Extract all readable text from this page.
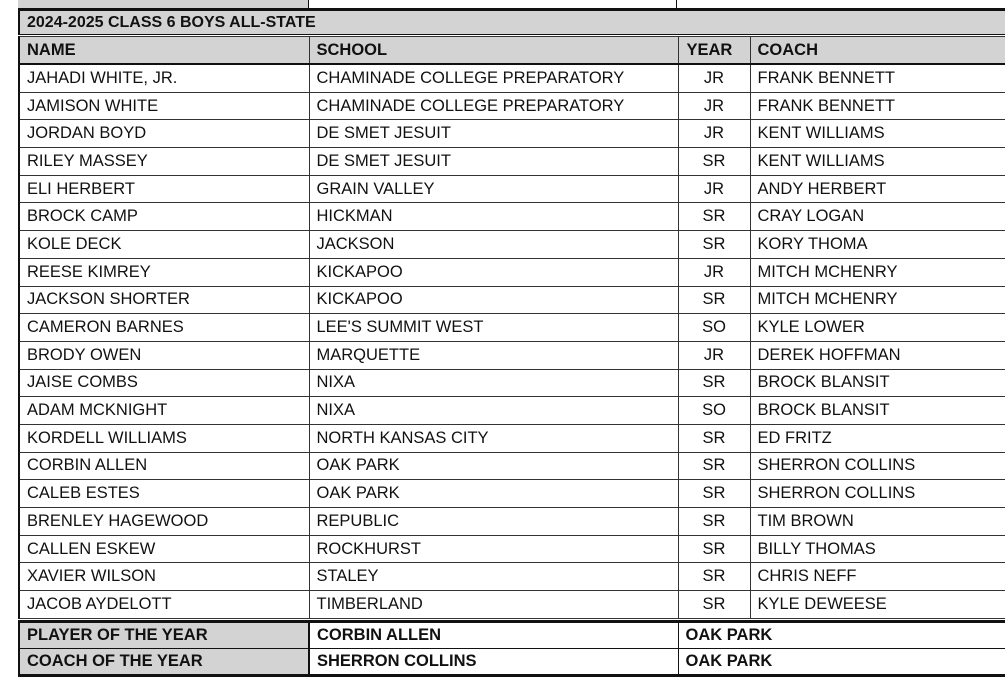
2024-2025 CLASS 6 BOYS ALL-STATE
NAME	SCHOOL	YEAR	COACH
JAHADI WHITE, JR.	CHAMINADE COLLEGE PREPARATORY	JR	FRANK BENNETT
JAMISON WHITE	CHAMINADE COLLEGE PREPARATORY	JR	FRANK BENNETT
JORDAN BOYD	DE SMET JESUIT	JR	KENT WILLIAMS
RILEY MASSEY	DE SMET JESUIT	SR	KENT WILLIAMS
ELI HERBERT	GRAIN VALLEY	JR	ANDY HERBERT
BROCK CAMP	HICKMAN	SR	CRAY LOGAN
KOLE DECK	JACKSON	SR	KORY THOMA
REESE KIMREY	KICKAPOO	JR	MITCH MCHENRY
JACKSON SHORTER	KICKAPOO	SR	MITCH MCHENRY
CAMERON BARNES	LEE'S SUMMIT WEST	SO	KYLE LOWER
BRODY OWEN	MARQUETTE	JR	DEREK HOFFMAN
JAISE COMBS	NIXA	SR	BROCK BLANSIT
ADAM MCKNIGHT	NIXA	SO	BROCK BLANSIT
KORDELL WILLIAMS	NORTH KANSAS CITY	SR	ED FRITZ
CORBIN ALLEN	OAK PARK	SR	SHERRON COLLINS
CALEB ESTES	OAK PARK	SR	SHERRON COLLINS
BRENLEY HAGEWOOD	REPUBLIC	SR	TIM BROWN
CALLEN ESKEW	ROCKHURST	SR	BILLY THOMAS
XAVIER WILSON	STALEY	SR	CHRIS NEFF
JACOB AYDELOTT	TIMBERLAND	SR	KYLE DEWEESE
PLAYER OF THE YEAR	CORBIN ALLEN	OAK PARK
COACH OF THE YEAR	SHERRON COLLINS	OAK PARK
